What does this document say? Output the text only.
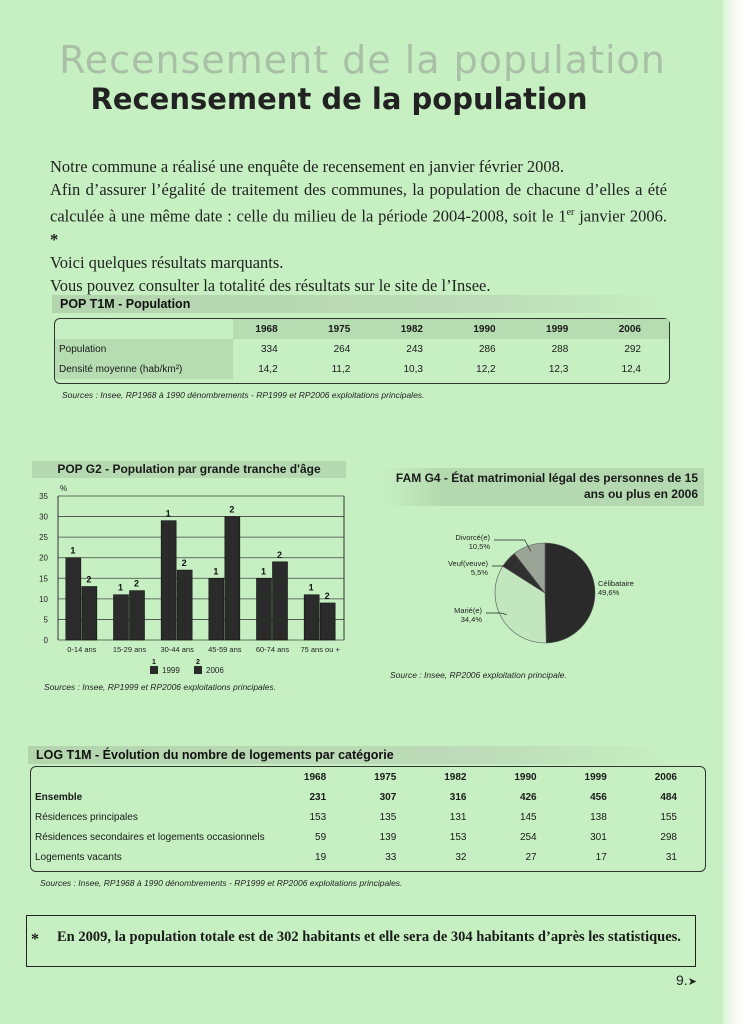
Recensement de la population
Recensement de la population

Notre commune a réalisé une enquête de recensement en janvier février 2008.

Afin d’assurer l’égalité de traitement des communes, la population de chacune d’elles a été calculée à une même date : celle du milieu de la période 2004-2008, soit le 1er janvier 2006. *

Voici quelques résultats marquants.

Vous pouvez consulter la totalité des résultats sur le site de l’Insee.

POP T1M - Population
	1968	1975	1982	1990	1999	2006
Population	334	264	243	286	288	292
Densité moyenne (hab/km²)	14,2	11,2	10,3	12,2	12,3	12,4
Sources : Insee, RP1968 à 1990 dénombrements - RP1999 et RP2006 exploitations principales.
POP G2 - Population par grande tranche d'âge
0
5
10
15
20
25
30
35
%
1
2
0-14 ans
1 2
15-29 ans
1
2
30-44 ans
1
2
45-59 ans
1
2
60-74 ans
1
2
75 ans ou +
1
1999
2
2006
Sources : Insee, RP1999 et RP2006 exploitations principales.
FAM G4 - État matrimonial légal des personnes de 15 ans ou plus en 2006
Célibataire
49,6%
Marié(e)
34,4%
Veuf(veuve)
5,5%
Divorcé(e)
10,5%
Source : Insee, RP2006 exploitation principale.
LOG T1M - Évolution du nombre de logements par catégorie
	1968	1975	1982	1990	1999	2006
Ensemble	231	307	316	426	456	484
Résidences principales	153	135	131	145	138	155
Résidences secondaires et logements occasionnels	59	139	153	254	301	298
Logements vacants	19	33	32	27	17	31
Sources : Insee, RP1968 à 1990 dénombrements - RP1999 et RP2006 exploitations principales.
* En 2009, la population totale est de 302 habitants et elle sera de 304 habitants d’après les statistiques.
9.➤
